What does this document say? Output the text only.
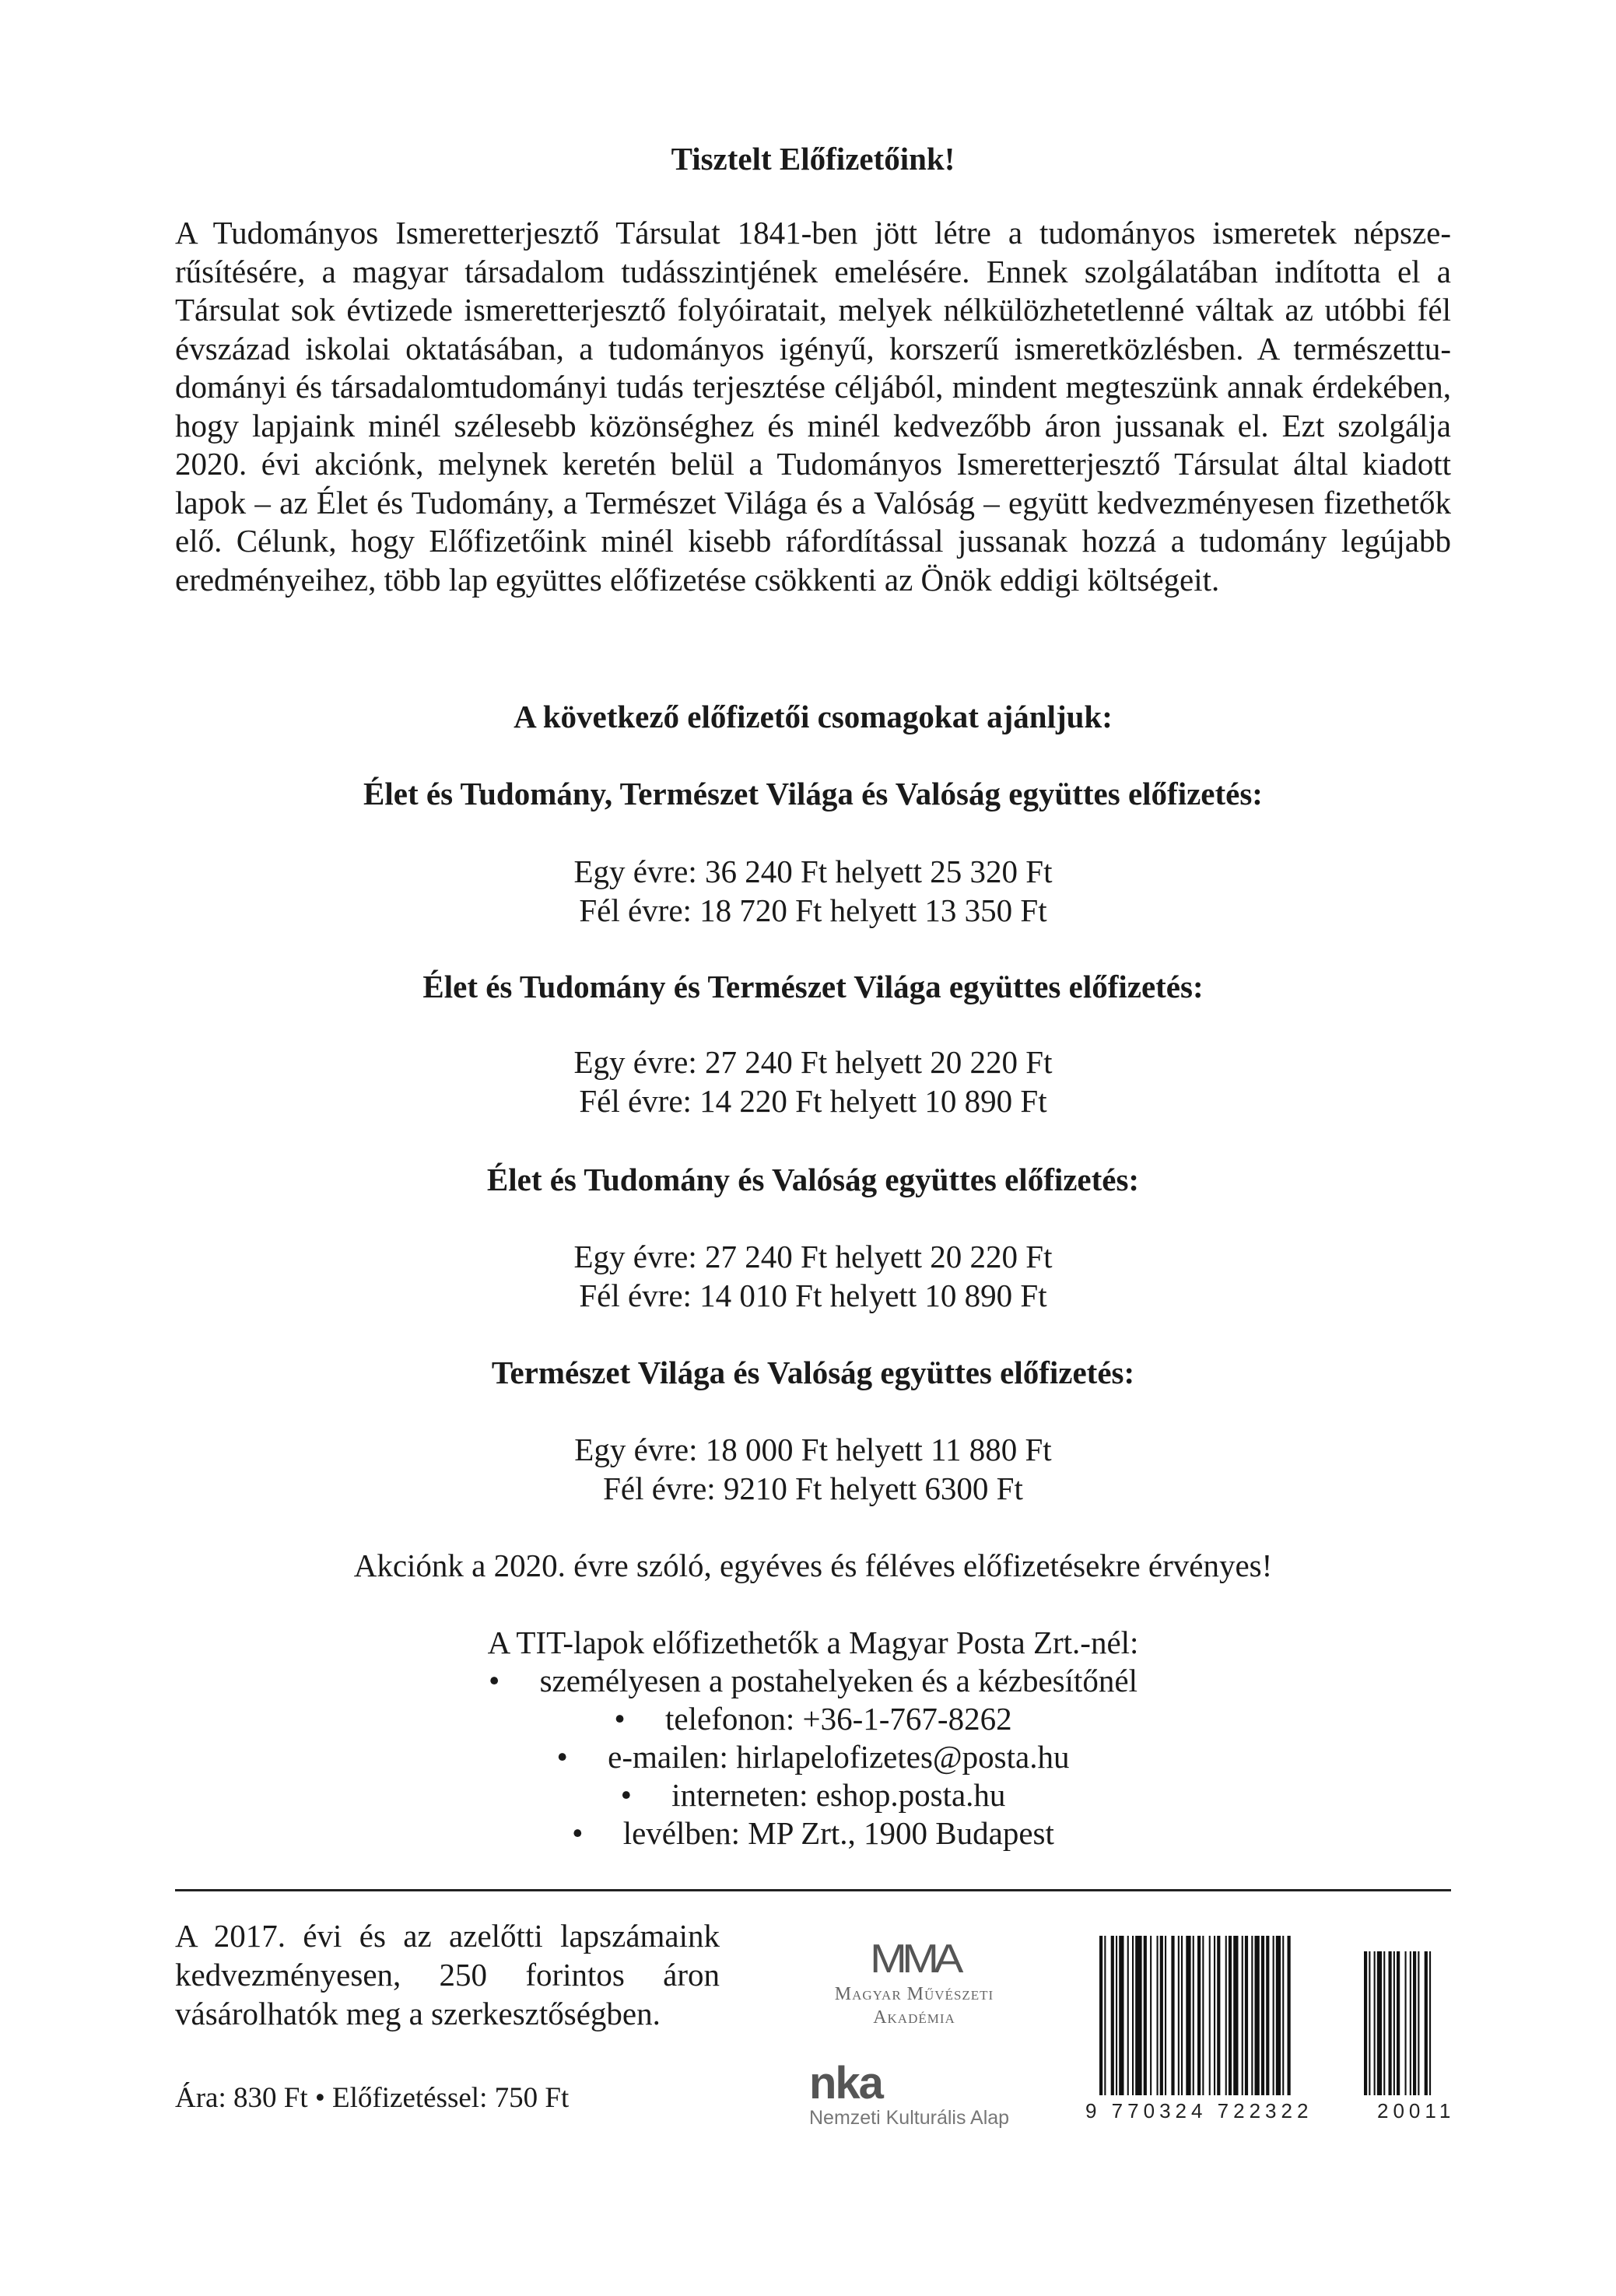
Tisztelt Előfizetőink!
A Tudományos Ismeretterjesztő Társulat 1841-ben jött létre a tudományos ismeretek népszerűsítésére, a magyar társadalom tudásszintjének emelésére. Ennek szolgálatában indította el a Társulat sok évtizede ismeretterjesztő folyóiratait, melyek nélkülözhetetlenné váltak az utóbbi fél évszázad iskolai oktatásában, a tudományos igényű, korszerű ismeretközlésben. A természettudományi és társadalomtudományi tudás terjesztése céljából, mindent megteszünk annak érdekében, hogy lapjaink minél szélesebb közönséghez és minél kedvezőbb áron jussanak el. Ezt szolgálja 2020. évi akciónk, melynek keretén belül a Tudományos Ismeretterjesztő Társulat által kiadott lapok – az Élet és Tudomány, a Természet Világa és a Valóság – együtt kedvezményesen fizethetők elő. Célunk, hogy Előfizetőink minél kisebb ráfordítással jussanak hozzá a tudomány legújabb eredményeihez, több lap együttes előfizetése csökkenti az Önök eddigi költségeit.
A következő előfizetői csomagokat ajánljuk:
Élet és Tudomány, Természet Világa és Valóság együttes előfizetés:
Egy évre: 36 240 Ft helyett 25 320 Ft
Fél évre: 18 720 Ft helyett 13 350 Ft
Élet és Tudomány és Természet Világa együttes előfizetés:
Egy évre: 27 240 Ft helyett 20 220 Ft
Fél évre: 14 220 Ft helyett 10 890 Ft
Élet és Tudomány és Valóság együttes előfizetés:
Egy évre: 27 240 Ft helyett 20 220 Ft
Fél évre: 14 010 Ft helyett 10 890 Ft
Természet Világa és Valóság együttes előfizetés:
Egy évre: 18 000 Ft helyett 11 880 Ft
Fél évre: 9210 Ft helyett 6300 Ft
Akciónk a 2020. évre szóló, egyéves és féléves előfizetésekre érvényes!
A TIT-lapok előfizethetők a Magyar Posta Zrt.-nél:
• személyesen a postahelyeken és a kézbesítőnél
• telefonon: +36-1-767-8262
• e-mailen: hirlapelofizetes@posta.hu
• interneten: eshop.posta.hu
• levélben: MP Zrt., 1900 Budapest
A 2017. évi és az azelőtti lapszámaink kedvezményesen, 250 forintos áron vásárolhatók meg a szerkesztőségben.
Ára: 830 Ft • Előfizetéssel: 750 Ft
MMA
Magyar Művészeti
Akadémia
nka
Nemzeti Kulturális Alap	9 770324 722322	20011
